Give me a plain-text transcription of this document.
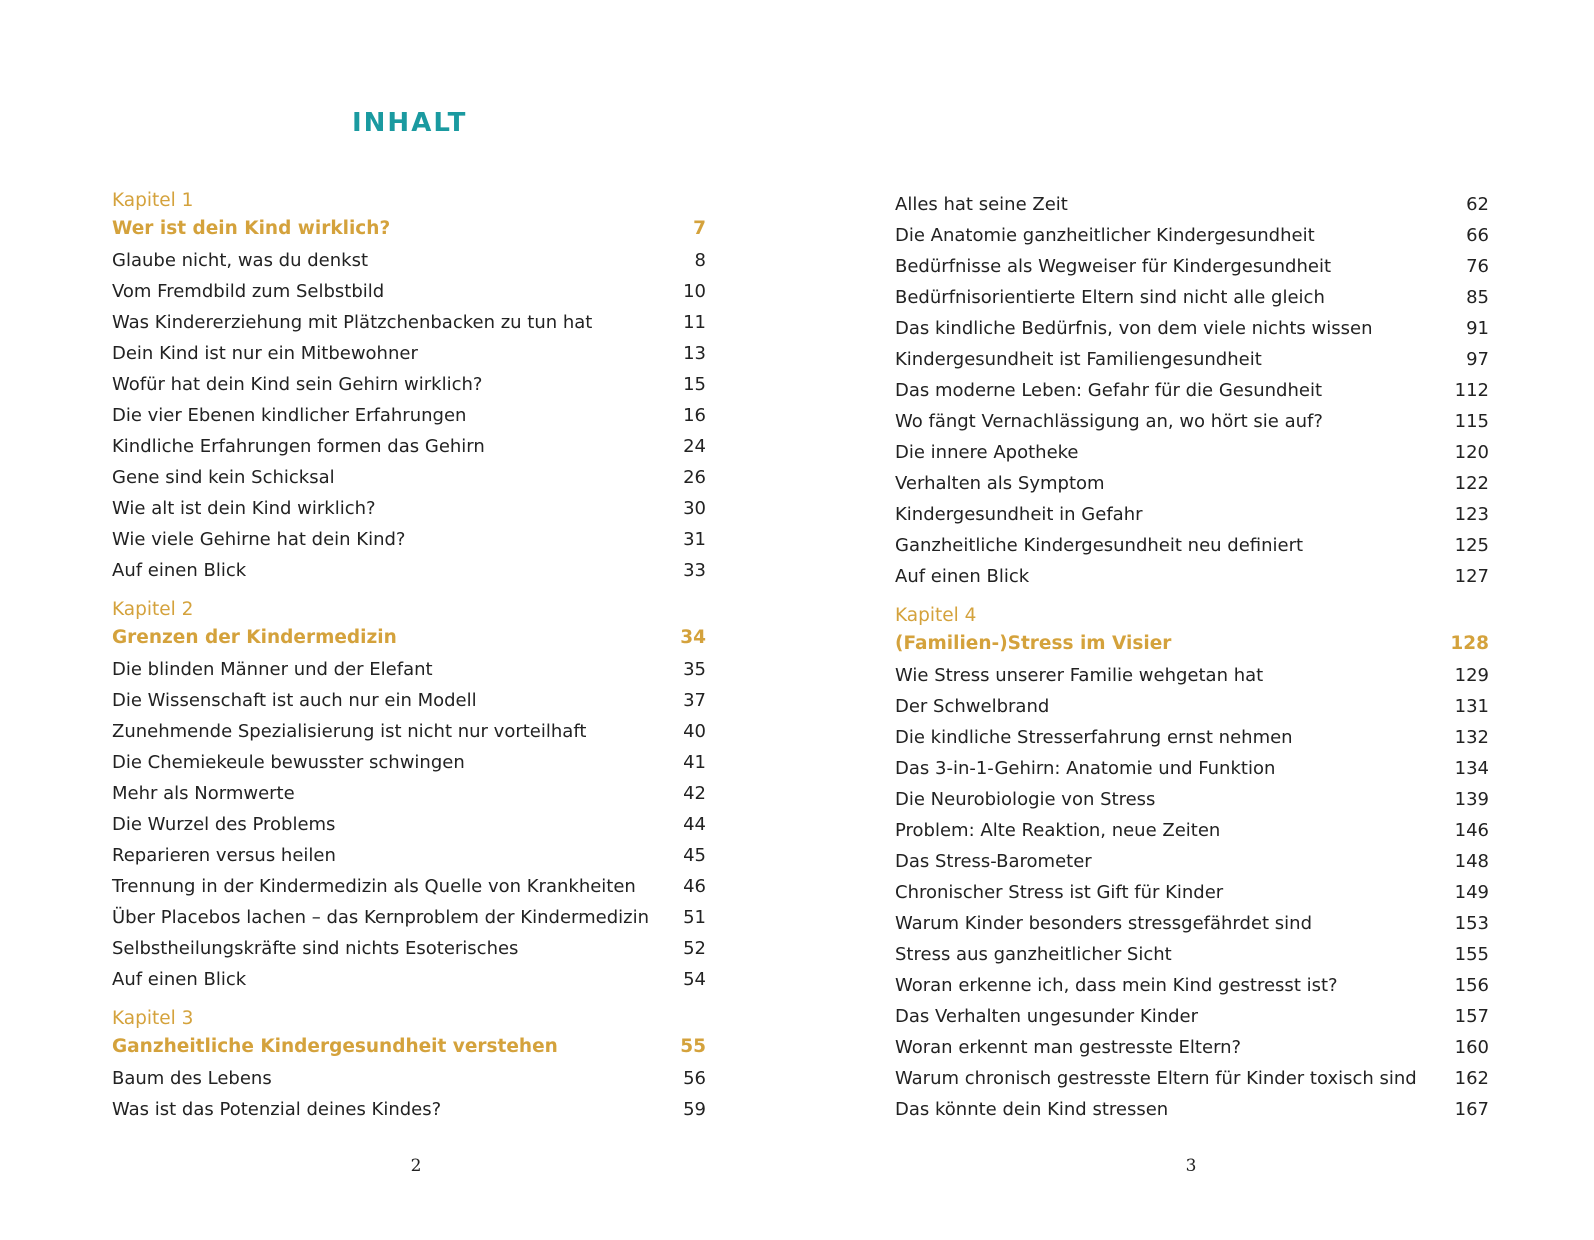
INHALT
Kapitel 1
Wer ist dein Kind wirklich?	7
Glaube nicht, was du denkst	8
Vom Fremdbild zum Selbstbild	10
Was Kindererziehung mit Plätzchenbacken zu tun hat	11
Dein Kind ist nur ein Mitbewohner	13
Wofür hat dein Kind sein Gehirn wirklich?	15
Die vier Ebenen kindlicher Erfahrungen	16
Kindliche Erfahrungen formen das Gehirn	24
Gene sind kein Schicksal	26
Wie alt ist dein Kind wirklich?	30
Wie viele Gehirne hat dein Kind?	31
Auf einen Blick	33
Kapitel 2
Grenzen der Kindermedizin	34
Die blinden Männer und der Elefant	35
Die Wissenschaft ist auch nur ein Modell	37
Zunehmende Spezialisierung ist nicht nur vorteilhaft	40
Die Chemiekeule bewusster schwingen	41
Mehr als Normwerte	42
Die Wurzel des Problems	44
Reparieren versus heilen	45
Trennung in der Kindermedizin als Quelle von Krankheiten	46
Über Placebos lachen – das Kernproblem der Kindermedizin	51
Selbstheilungskräfte sind nichts Esoterisches	52
Auf einen Blick	54
Kapitel 3
Ganzheitliche Kindergesundheit verstehen	55
Baum des Lebens	56
Was ist das Potenzial deines Kindes?	59
2
Alles hat seine Zeit	62
Die Anatomie ganzheitlicher Kindergesundheit	66
Bedürfnisse als Wegweiser für Kindergesundheit	76
Bedürfnisorientierte Eltern sind nicht alle gleich	85
Das kindliche Bedürfnis, von dem viele nichts wissen	91
Kindergesundheit ist Familiengesundheit	97
Das moderne Leben: Gefahr für die Gesundheit	112
Wo fängt Vernachlässigung an, wo hört sie auf?	115
Die innere Apotheke	120
Verhalten als Symptom	122
Kindergesundheit in Gefahr	123
Ganzheitliche Kindergesundheit neu definiert	125
Auf einen Blick	127
Kapitel 4
(Familien-)Stress im Visier	128
Wie Stress unserer Familie wehgetan hat	129
Der Schwelbrand	131
Die kindliche Stresserfahrung ernst nehmen	132
Das 3-in-1-Gehirn: Anatomie und Funktion	134
Die Neurobiologie von Stress	139
Problem: Alte Reaktion, neue Zeiten	146
Das Stress-Barometer	148
Chronischer Stress ist Gift für Kinder	149
Warum Kinder besonders stressgefährdet sind	153
Stress aus ganzheitlicher Sicht	155
Woran erkenne ich, dass mein Kind gestresst ist?	156
Das Verhalten ungesunder Kinder	157
Woran erkennt man gestresste Eltern?	160
Warum chronisch gestresste Eltern für Kinder toxisch sind	162
Das könnte dein Kind stressen	167
3
